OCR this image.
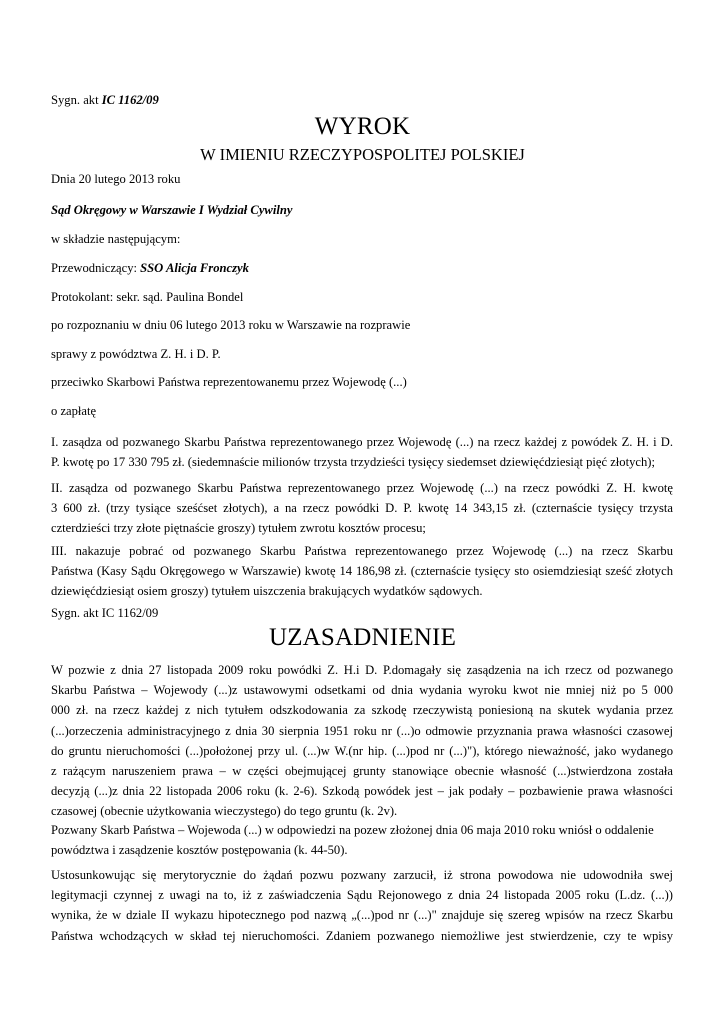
Sygn. akt IC 1162/09
WYROK
W IMIENIU RZECZYPOSPOLITEJ POLSKIEJ
Dnia 20 lutego 2013 roku
Sąd Okręgowy w Warszawie I Wydział Cywilny
w składzie następującym:
Przewodniczący: SSO Alicja Fronczyk
Protokolant: sekr. sąd. Paulina Bondel
po rozpoznaniu w dniu 06 lutego 2013 roku w Warszawie na rozprawie
sprawy z powództwa Z. H. i D. P.
przeciwko Skarbowi Państwa reprezentowanemu przez Wojewodę (...)
o zapłatę
I. zasądza od pozwanego Skarbu Państwa reprezentowanego przez Wojewodę (...) na rzecz każdej z powódek Z. H. i D.
P. kwotę po 17 330 795 zł. (siedemnaście milionów trzysta trzydzieści tysięcy siedemset dziewięćdziesiąt pięć złotych);
II. zasądza od pozwanego Skarbu Państwa reprezentowanego przez Wojewodę (...) na rzecz powódki Z. H. kwotę
3 600 zł. (trzy tysiące sześćset złotych), a na rzecz powódki D. P. kwotę 14 343,15 zł. (czternaście tysięcy trzysta
czterdzieści trzy złote piętnaście groszy) tytułem zwrotu kosztów procesu;
III. nakazuje pobrać od pozwanego Skarbu Państwa reprezentowanego przez Wojewodę (...) na rzecz Skarbu
Państwa (Kasy Sądu Okręgowego w Warszawie) kwotę 14 186,98 zł. (czternaście tysięcy sto osiemdziesiąt sześć złotych
dziewięćdziesiąt osiem groszy) tytułem uiszczenia brakujących wydatków sądowych.
Sygn. akt IC 1162/09
UZASADNIENIE
W pozwie z dnia 27 listopada 2009 roku powódki Z. H.i D. P.domagały się zasądzenia na ich rzecz od pozwanego
Skarbu Państwa – Wojewody (...)z ustawowymi odsetkami od dnia wydania wyroku kwot nie mniej niż po 5 000
000 zł. na rzecz każdej z nich tytułem odszkodowania za szkodę rzeczywistą poniesioną na skutek wydania przez
(...)orzeczenia administracyjnego z dnia 30 sierpnia 1951 roku nr (...)o odmowie przyznania prawa własności czasowej
do gruntu nieruchomości (...)położonej przy ul. (...)w W.(nr hip. (...)pod nr (...)"), którego nieważność, jako wydanego
z rażącym naruszeniem prawa – w części obejmującej grunty stanowiące obecnie własność (...)stwierdzona została
decyzją (...)z dnia 22 listopada 2006 roku (k. 2-6). Szkodą powódek jest – jak podały – pozbawienie prawa własności
czasowej (obecnie użytkowania wieczystego) do tego gruntu (k. 2v).
Pozwany Skarb Państwa – Wojewoda (...) w odpowiedzi na pozew złożonej dnia 06 maja 2010 roku wniósł o oddalenie
powództwa i zasądzenie kosztów postępowania (k. 44-50).
Ustosunkowując się merytorycznie do żądań pozwu pozwany zarzucił, iż strona powodowa nie udowodniła swej
legitymacji czynnej z uwagi na to, iż z zaświadczenia Sądu Rejonowego z dnia 24 listopada 2005 roku (L.dz. (...))
wynika, że w dziale II wykazu hipotecznego pod nazwą „(...)pod nr (...)" znajduje się szereg wpisów na rzecz Skarbu
Państwa wchodzących w skład tej nieruchomości. Zdaniem pozwanego niemożliwe jest stwierdzenie, czy te wpisy
